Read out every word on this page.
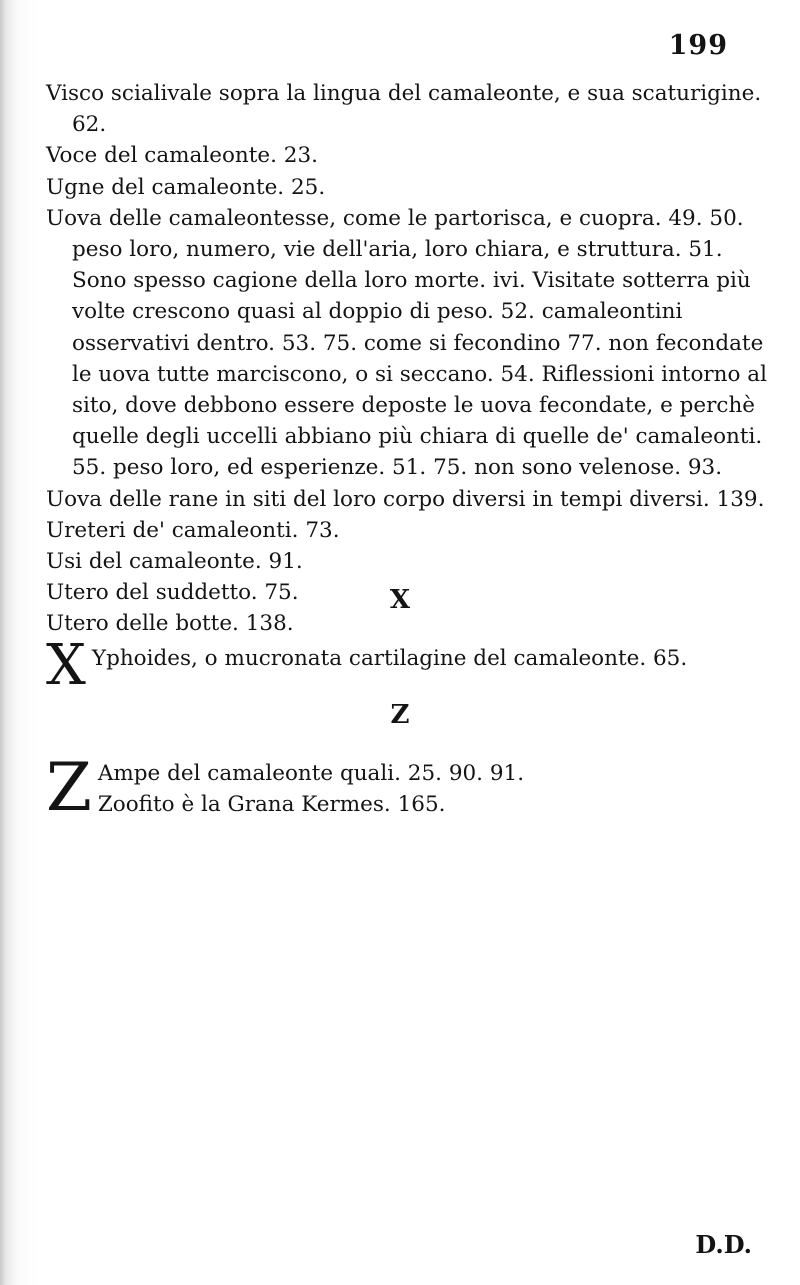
199

Visco scialivale sopra la lingua del camaleonte, e sua scaturigine. 62.

Voce del camaleonte. 23.

Ugne del camaleonte. 25.

Uova delle camaleontesse, come le partorisca, e cuopra. 49. 50. peso loro, numero, vie dell'aria, loro chiara, e struttura. 51. Sono spesso cagione della loro morte. ivi. Visitate sotterra più volte crescono quasi al doppio di peso. 52. camaleontini osservativi dentro. 53. 75. come si fecondino 77. non fecondate le uova tutte marciscono, o si seccano. 54. Riflessioni intorno al sito, dove debbono essere deposte le uova fecondate, e perchè quelle degli uccelli abbiano più chiara di quelle de' camaleonti. 55. peso loro, ed esperienze. 51. 75. non sono velenose. 93.

Uova delle rane in siti del loro corpo diversi in tempi diversi. 139.

Ureteri de' camaleonti. 73.

Usi del camaleonte. 91.

Utero del suddetto. 75.

Utero delle botte. 138.

X
X Yphoides, o mucronata cartilagine del camaleonte. 65.
Z
Z Ampe del camaleonte quali. 25. 90. 91.
Zoofito è la Grana Kermes. 165.
D.D.
